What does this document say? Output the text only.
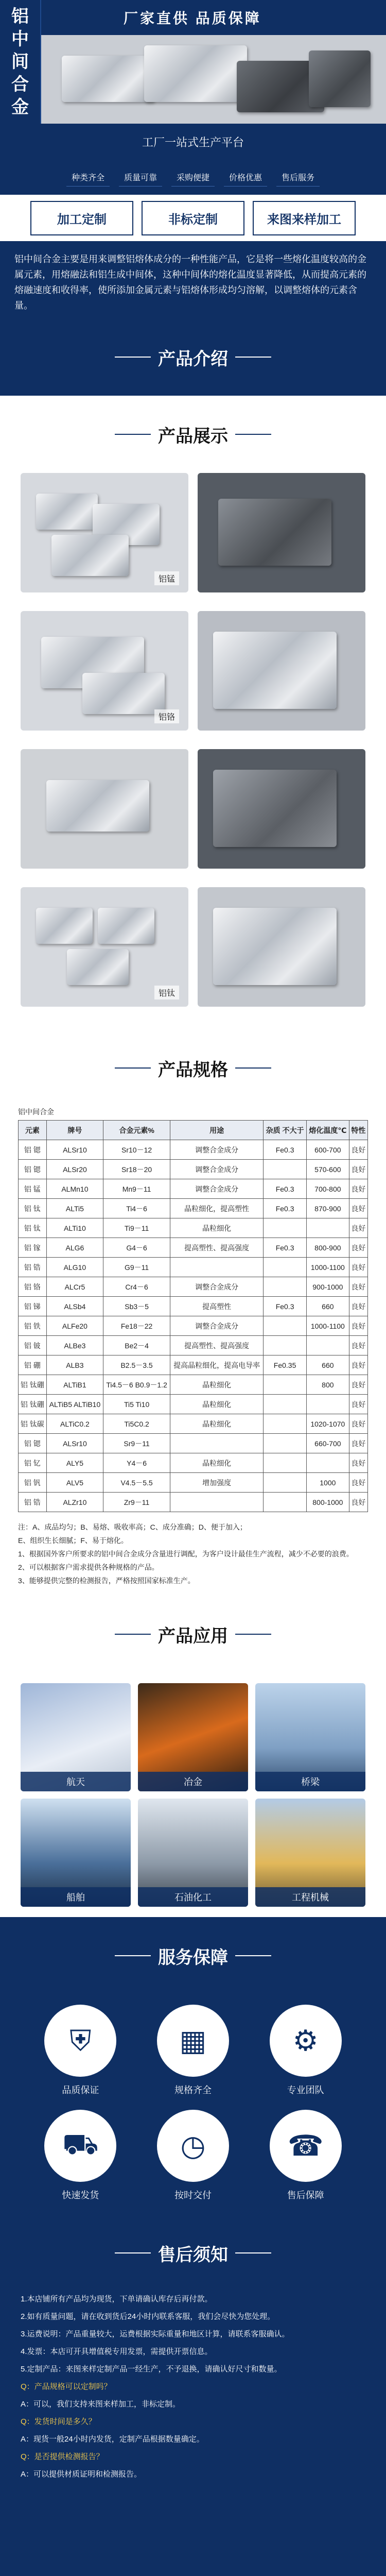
铝
中
间
合
金
厂家直供 品质保障
工厂一站式生产平台
种类齐全	质量可靠	采购便捷	价格优惠	售后服务
加工定制	非标定制	来图来样加工
铝中间合金主要是用来调整铝熔体成分的一种性能产品，它是将一些熔化温度较高的金属元素，用熔融法和铝生成中间体，这种中间体的熔化温度显著降低，从而提高元素的熔融速度和收得率，使所添加金属元素与铝熔体形成均匀溶解，以调整熔体的元素含量。
产品介绍
产品展示
铝锰
铝铬
铝钛
产品规格
铝中间合金
元素	牌号	合金元素%	用途	杂质 不大于	熔化温度℃	特性
铝 锶	ALSr10	Sr10－12	调整合金成分	Fe0.3	600-700	良好
铝 锶	ALSr20	Sr18－20	调整合金成分		570-600	良好
铝 锰	ALMn10	Mn9－11	调整合金成分	Fe0.3	700-800	良好
铝 钛	ALTi5	Ti4－6	晶粒细化，提高塑性	Fe0.3	870-900	良好
铝 钛	ALTi10	Ti9－11	晶粒细化			良好
铝 镓	ALG6	G4－6	提高塑性、提高强度	Fe0.3	800-900	良好
铝 锆	ALG10	G9－11			1000-1100	良好
铝 铬	ALCr5	Cr4－6	调整合金成分		900-1000	良好
铝 锑	ALSb4	Sb3－5	提高塑性	Fe0.3	660	良好
铝 铁	ALFe20	Fe18－22	调整合金成分		1000-1100	良好
铝 铍	ALBe3	Be2－4	提高塑性、提高强度			良好
铝 硼	ALB3	B2.5－3.5	提高晶粒细化，提高电导率	Fe0.35	660	良好
铝 钛硼	ALTiB1	Ti4.5－6 B0.9－1.2	晶粒细化		800	良好
铝 钛硼	ALTiB5 ALTiB10	Ti5 Ti10	晶粒细化			良好
铝 钛碳	ALTiC0.2	Ti5C0.2	晶粒细化		1020-1070	良好
铝 锶	ALSr10	Sr9－11			660-700	良好
铝 钇	ALY5	Y4－6	晶粒细化			良好
铝 钒	ALV5	V4.5－5.5	增加强度		1000	良好
铝 锆	ALZr10	Zr9－11			800-1000	良好

注：A、成品均匀；B、易熔、吸收率高；C、成分准确；D、便于加入；

E、组织生长细腻；F、易于熔化。

1、根据国外客户所要求的铝中间合金成分含量进行调配，为客户设计最佳生产流程，减少不必要的浪费。

2、可以根据客户需求提供各种规格的产品。

3、能够提供完整的检测报告，严格按照国家标准生产。

产品应用
航天	冶金	桥梁
船舶	石油化工	工程机械
服务保障
⛨
品质保证
▦
规格齐全
⚙
专业团队
⛟
快速发货
◷
按时交付
☎
售后保障
售后须知

1.本店铺所有产品均为现货，下单请确认库存后再付款。

2.如有质量问题，请在收到货后24小时内联系客服，我们会尽快为您处理。

3.运费说明：产品重量较大，运费根据实际重量和地区计算，请联系客服确认。

4.发票：本店可开具增值税专用发票，需提供开票信息。

5.定制产品：来图来样定制产品一经生产，不予退换，请确认好尺寸和数量。

Q：产品规格可以定制吗？

A：可以，我们支持来图来样加工，非标定制。

Q：发货时间是多久？

A：现货一般24小时内发货，定制产品根据数量确定。

Q：是否提供检测报告？

A：可以提供材质证明和检测报告。
